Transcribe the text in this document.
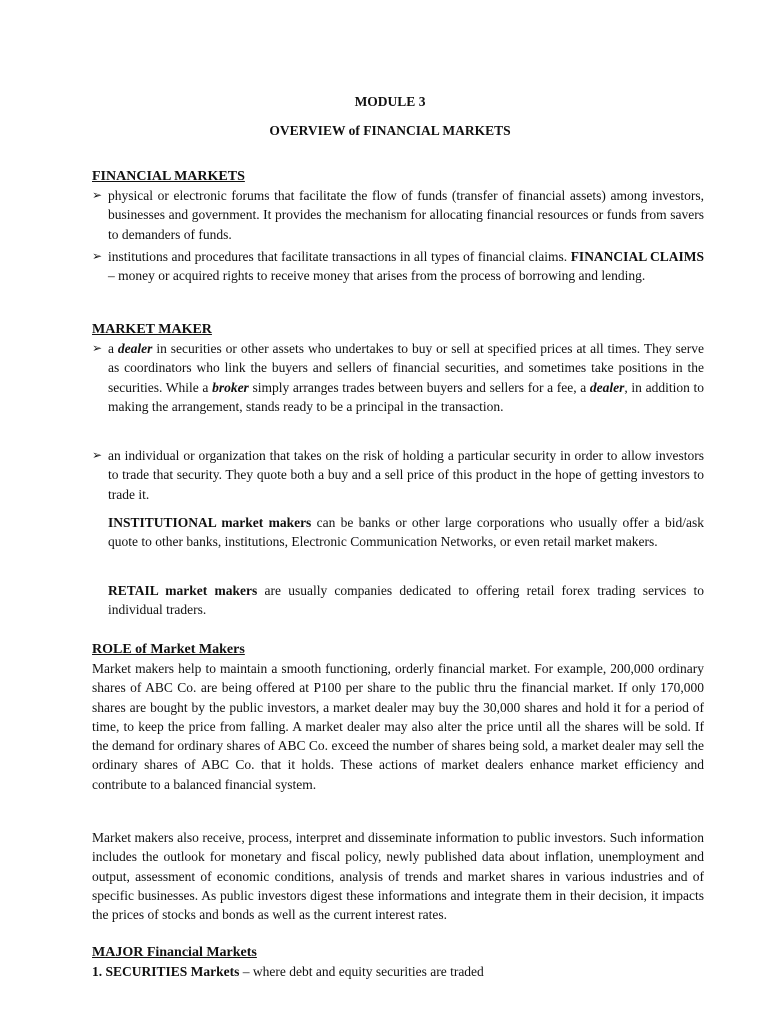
MODULE 3
OVERVIEW of FINANCIAL MARKETS
FINANCIAL MARKETS
➢ physical or electronic forums that facilitate the flow of funds (transfer of financial assets) among investors, businesses and government. It provides the mechanism for allocating financial resources or funds from savers to demanders of funds.
➢ institutions and procedures that facilitate transactions in all types of financial claims. FINANCIAL CLAIMS – money or acquired rights to receive money that arises from the process of borrowing and lending.
MARKET MAKER
➢ a dealer in securities or other assets who undertakes to buy or sell at specified prices at all times. They serve as coordinators who link the buyers and sellers of financial securities, and sometimes take positions in the securities. While a broker simply arranges trades between buyers and sellers for a fee, a dealer, in addition to making the arrangement, stands ready to be a principal in the transaction.
➢ an individual or organization that takes on the risk of holding a particular security in order to allow investors to trade that security. They quote both a buy and a sell price of this product in the hope of getting investors to trade it.
INSTITUTIONAL market makers can be banks or other large corporations who usually offer a bid/ask quote to other banks, institutions, Electronic Communication Networks, or even retail market makers.
RETAIL market makers are usually companies dedicated to offering retail forex trading services to individual traders.
ROLE of Market Makers
Market makers help to maintain a smooth functioning, orderly financial market. For example, 200,000 ordinary shares of ABC Co. are being offered at P100 per share to the public thru the financial market. If only 170,000 shares are bought by the public investors, a market dealer may buy the 30,000 shares and hold it for a period of time, to keep the price from falling. A market dealer may also alter the price until all the shares will be sold. If the demand for ordinary shares of ABC Co. exceed the number of shares being sold, a market dealer may sell the ordinary shares of ABC Co. that it holds. These actions of market dealers enhance market efficiency and contribute to a balanced financial system.
Market makers also receive, process, interpret and disseminate information to public investors. Such information includes the outlook for monetary and fiscal policy, newly published data about inflation, unemployment and output, assessment of economic conditions, analysis of trends and market shares in various industries and of specific businesses. As public investors digest these informations and integrate them in their decision, it impacts the prices of stocks and bonds as well as the current interest rates.
MAJOR Financial Markets
1. SECURITIES Markets – where debt and equity securities are traded
